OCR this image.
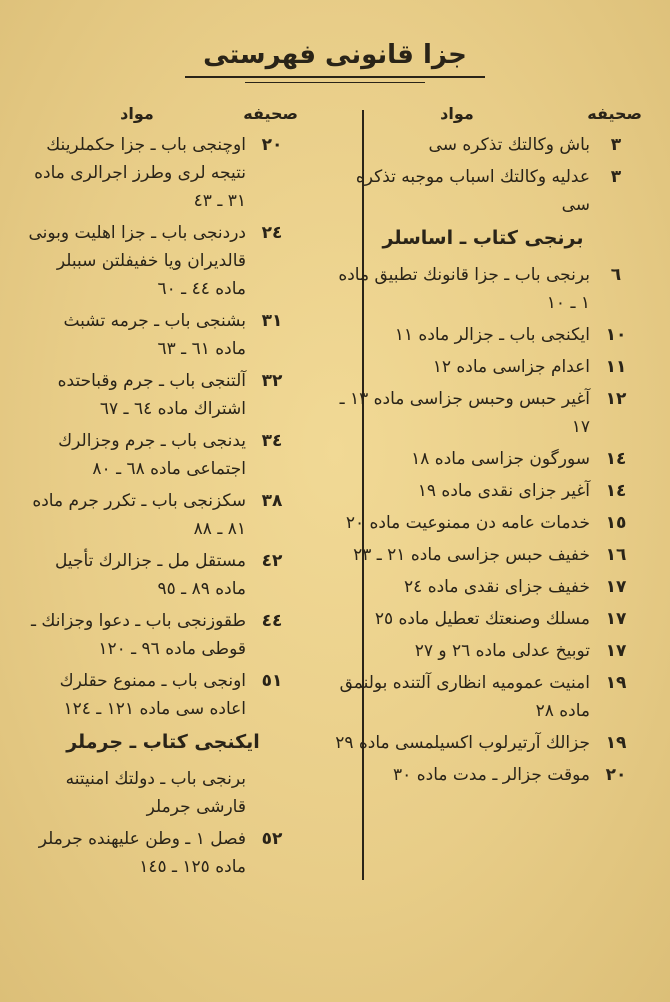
جزا قانونی فهرستی
صحیفه
مواد
٣
باش وكالتك تذكره سی
٣
عدلیه وكالتك اسباب موجبه تذكره سی
برنجی كتاب ـ اساسلر
٦
برنجی باب ـ جزا قانونك تطبیق ماده ١ ـ ١٠
١٠
ایكنجی باب ـ جزالر ماده ١١
١١
اعدام جزاسی ماده ١٢
١٢
آغیر حبس وحبس جزاسی ماده ١٣ ـ ١٧
١٤
سورگون جزاسی ماده ١٨
١٤
آغیر جزای نقدی ماده ١٩
١٥
خدمات عامه دن ممنوعیت ماده ٢٠
١٦
خفیف حبس جزاسی ماده ٢١ ـ ٢٣
١٧
خفیف جزای نقدی ماده ٢٤
١٧
مسلك وصنعتك تعطیل ماده ٢٥
١٧
توبیخ عدلی ماده ٢٦ و ٢٧
١٩
امنیت عمومیه انظاری آلتنده بولنمق ماده ٢٨
١٩
جزالك آرتیرلوب اكسیلمسی ماده ٢٩
٢٠
موقت جزالر ـ مدت ماده ٣٠
صحیفه
مواد
٢٠
اوچنجی باب ـ جزا حكملرینك نتیجه لری وطرز اجرالری ماده ٣١ ـ ٤٣
٢٤
دردنجی باب ـ جزا اهلیت وبونی قالدیران ویا خفیفلتن سببلر ماده ٤٤ ـ ٦٠
٣١
بشنجی باب ـ جرمه تشبث ماده ٦١ ـ ٦٣
٣٢
آلتنجی باب ـ جرم وقباحتده اشتراك ماده ٦٤ ـ ٦٧
٣٤
یدنجی باب ـ جرم وجزالرك اجتماعی ماده ٦٨ ـ ٨٠
٣٨
سكزنجی باب ـ تكرر جرم ماده ٨١ ـ ٨٨
٤٢
مستقل مل ـ جزالرك تأجیل ماده ٨٩ ـ ٩٥
٤٤
طقوزنجی باب ـ دعوا وجزانك ـ قوطی ماده ٩٦ ـ ١٢٠
٥١
اونجی باب ـ ممنوع حقلرك اعاده سی ماده ١٢١ ـ ١٢٤
ایكنجی كتاب ـ جرملر
برنجی باب ـ دولتك امنیتنه قارشی جرملر
٥٢
فصل ١ ـ وطن علیهنده جرملر ماده ١٢٥ ـ ١٤٥
